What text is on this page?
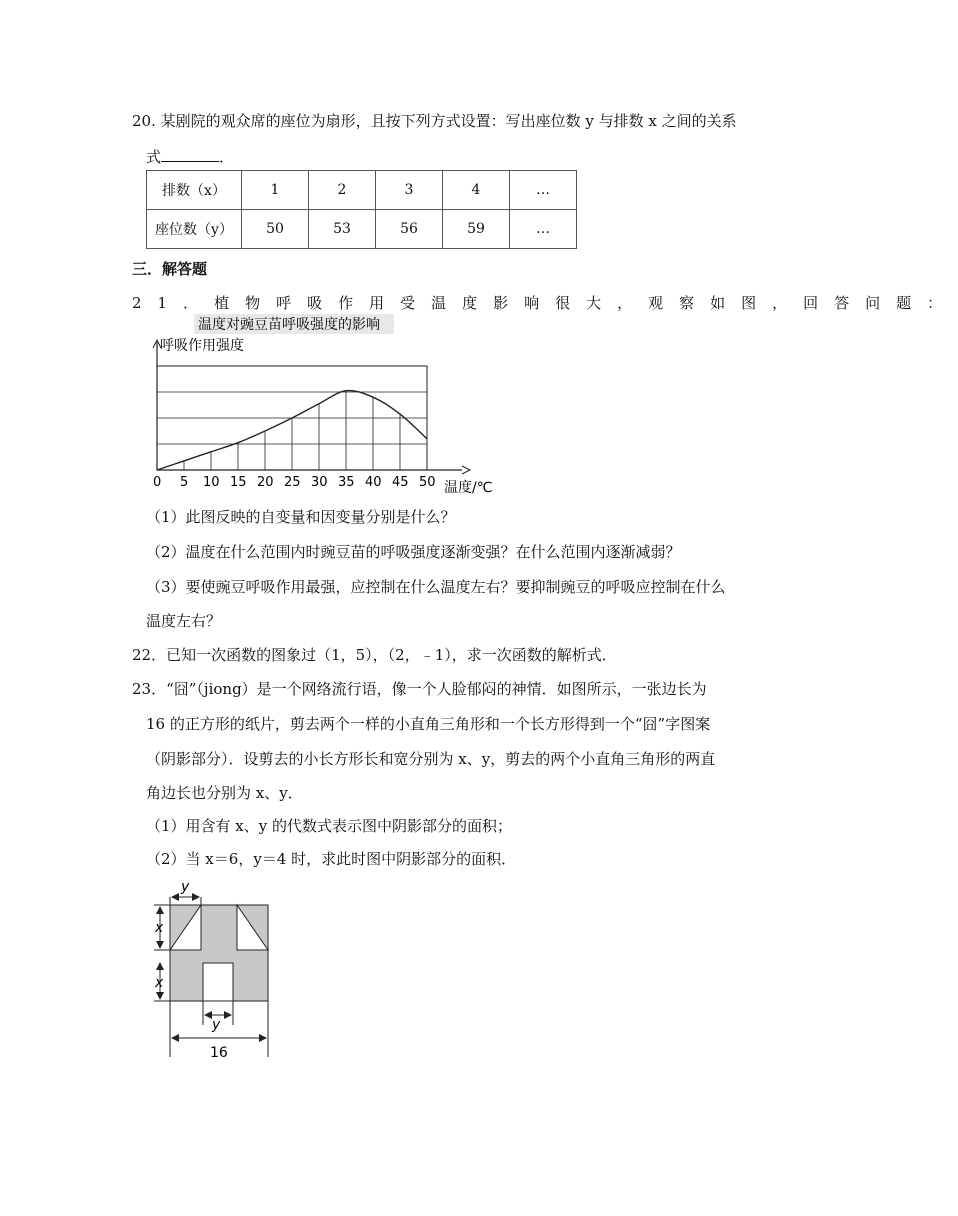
20. 某剧院的观众席的座位为扇形，且按下列方式设置：写出座位数 y 与排数 x 之间的关系
式	．
排数（x）	1	2	3	4	…
座位数（y）	50	53	56	59	…
三．解答题
21．植物呼吸作用受温度影响很大，观察如图，回答问题：
温度对豌豆苗呼吸强度的影响
呼吸作用强度
温度/℃
0 5 10 15 20 25 30 35 40 45 50
（1）此图反映的自变量和因变量分别是什么？
（2）温度在什么范围内时豌豆苗的呼吸强度逐渐变强？在什么范围内逐渐减弱？
（3）要使豌豆呼吸作用最强，应控制在什么温度左右？要抑制豌豆的呼吸应控制在什么
温度左右？
22．已知一次函数的图象过（1，5），（2，﹣1），求一次函数的解析式．
23．“囧”（jiong）是一个网络流行语，像一个人脸郁闷的神情．如图所示，一张边长为
16 的正方形的纸片，剪去两个一样的小直角三角形和一个长方形得到一个“囧”字图案
（阴影部分）．设剪去的小长方形长和宽分别为 x、y，剪去的两个小直角三角形的两直
角边长也分别为 x、y．
（1）用含有 x、y 的代数式表示图中阴影部分的面积；
（2）当 x＝6，y＝4 时，求此时图中阴影部分的面积．
y
x
x
y
16
